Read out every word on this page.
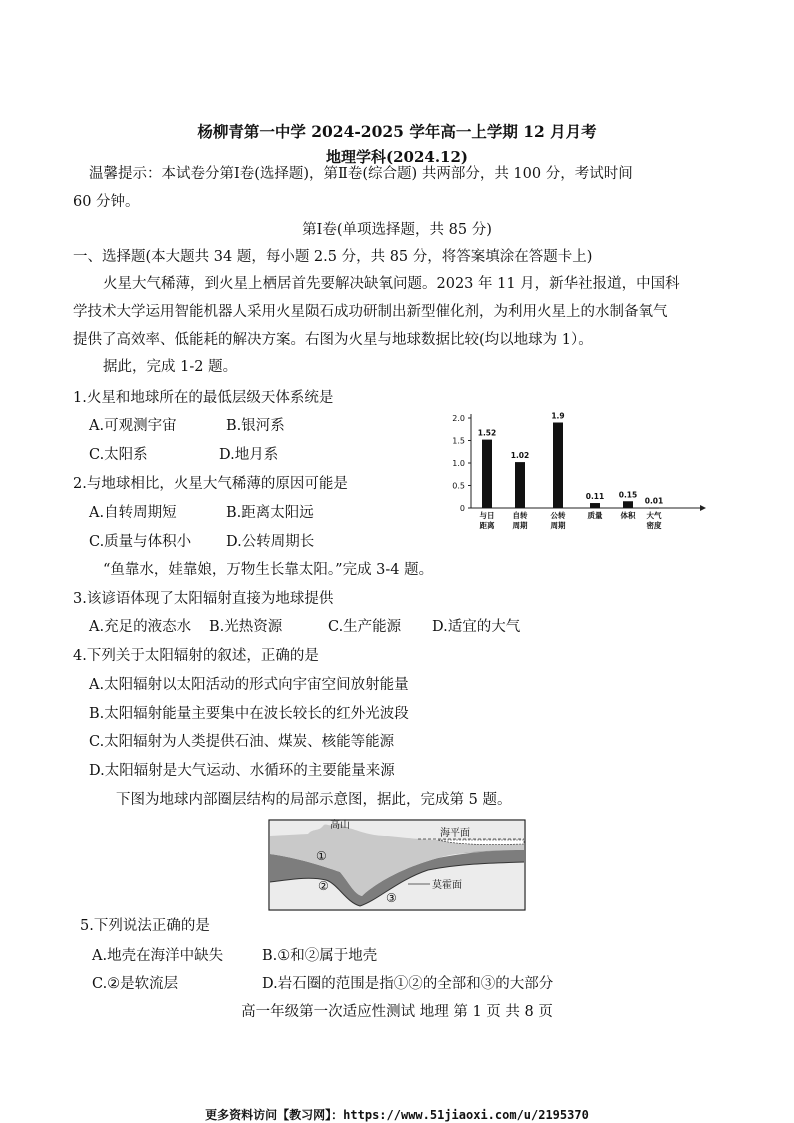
杨柳青第一中学 2024-2025 学年高一上学期 12 月月考
地理学科(2024.12)
温馨提示：本试卷分第Ⅰ卷(选择题)，第Ⅱ卷(综合题) 共两部分，共 100 分，考试时间
60 分钟。
第Ⅰ卷(单项选择题，共 85 分)
一、选择题(本大题共 34 题，每小题 2.5 分，共 85 分，将答案填涂在答题卡上)
火星大气稀薄，到火星上栖居首先要解决缺氧问题。2023 年 11 月，新华社报道，中国科
学技术大学运用智能机器人采用火星陨石成功研制出新型催化剂，为利用火星上的水制备氧气
提供了高效率、低能耗的解决方案。右图为火星与地球数据比较(均以地球为 1）。
据此，完成 1-2 题。
1.火星和地球所在的最低层级天体系统是
A.可观测宇宙	B.银河系
C.太阳系	D.地月系
2.与地球相比，火星大气稀薄的原因可能是
A.自转周期短	B.距离太阳远
C.质量与体积小 D.公转周期长
0
0.5
1.0
1.5
2.0
1.52
与日
距离
1.02
自转
周期
1.9
公转
周期
0.11
质量
0.15
体积
0.01
大气
密度
“鱼靠水，娃靠娘，万物生长靠太阳。”完成 3-4 题。
3.该谚语体现了太阳辐射直接为地球提供
A.充足的液态水 B.光热资源	C.生产能源 D.适宜的大气
4.下列关于太阳辐射的叙述，正确的是
A.太阳辐射以太阳活动的形式向宇宙空间放射能量
B.太阳辐射能量主要集中在波长较长的红外光波段
C.太阳辐射为人类提供石油、煤炭、核能等能源
D.太阳辐射是大气运动、水循环的主要能量来源
下图为地球内部圈层结构的局部示意图，据此，完成第 5 题。
高山
海平面
①
②
③
莫霍面
5.下列说法正确的是
A.地壳在海洋中缺失	B.①和②属于地壳
C.②是软流层	D.岩石圈的范围是指①②的全部和③的大部分
高一年级第一次适应性测试 地理 第 1 页 共 8 页
更多资料访问【教习网】：https://www.51jiaoxi.com/u/2195370
